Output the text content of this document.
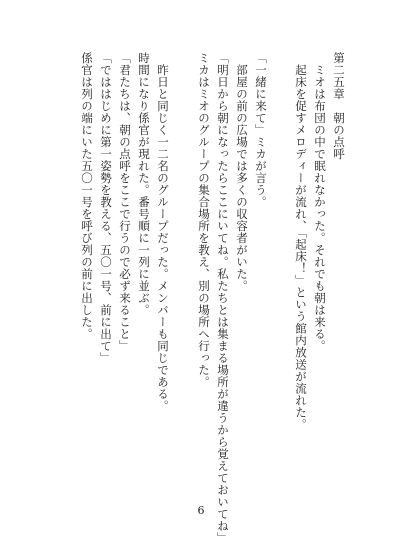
第二五章　朝の点呼
ミオは布団の中で眠れなかった。それでも朝は来る。
起床を促すメロディーが流れ、「起床！」という館内放送が流れた。
「一緒に来て」ミカが言う。
部屋の前の広場では多くの収容者がいた。
「明日から朝になったらここにいてね。私たちとは集まる場所が違うから覚えておいてね」
ミカはミオのグループの集合場所を教え、別の場所へ行った。
昨日と同じく一二名のグループだった。メンバーも同じである。
時間になり係官が現れた。番号順に一列に並ぶ。
「君たちは、朝の点呼をここで行うので必ず来ること」
「でははじめに第一姿勢を教える、五〇一号、前に出て」
係官は列の端にいた五〇一号を呼び列の前に出した。
6
